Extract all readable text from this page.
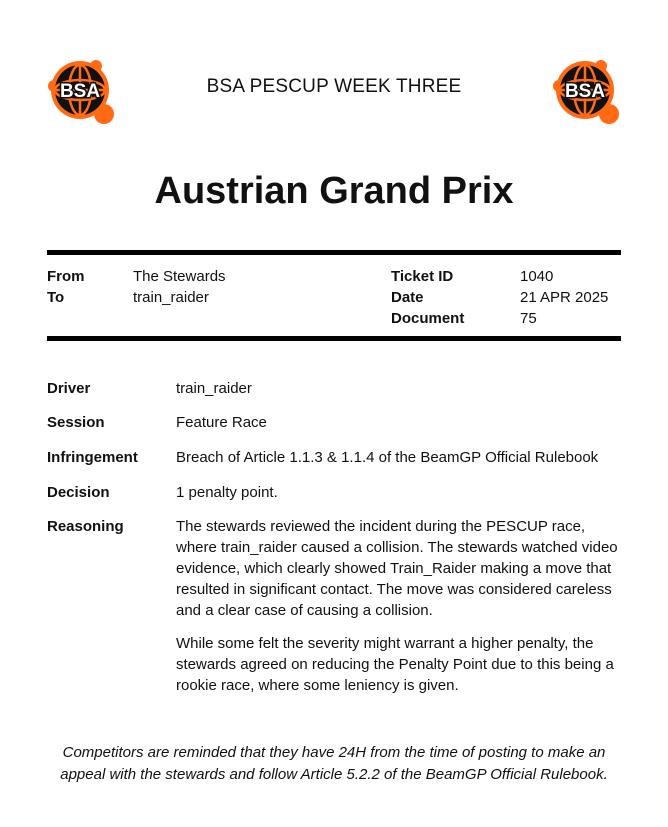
BSA	BSA
BSA PESCUP WEEK THREE
Austrian Grand Prix
From	The Stewards
To	train_raider
Ticket ID	1040
Date	21 APR 2025
Document	75
Driver	train_raider
Session	Feature Race
Infringement	Breach of Article 1.1.3 & 1.1.4 of the BeamGP Official Rulebook
Decision	1 penalty point.
Reasoning	The stewards reviewed the incident during the PESCUP race, where train_raider caused a collision. The stewards watched video evidence, which clearly showed Train_Raider making a move that resulted in significant contact. The move was considered careless and a clear case of causing a collision.

While some felt the severity might warrant a higher penalty, the stewards agreed on reducing the Penalty Point due to this being a rookie race, where some leniency is given.

Competitors are reminded that they have 24H from the time of posting to make an appeal with the stewards and follow Article 5.2.2 of the BeamGP Official Rulebook.
